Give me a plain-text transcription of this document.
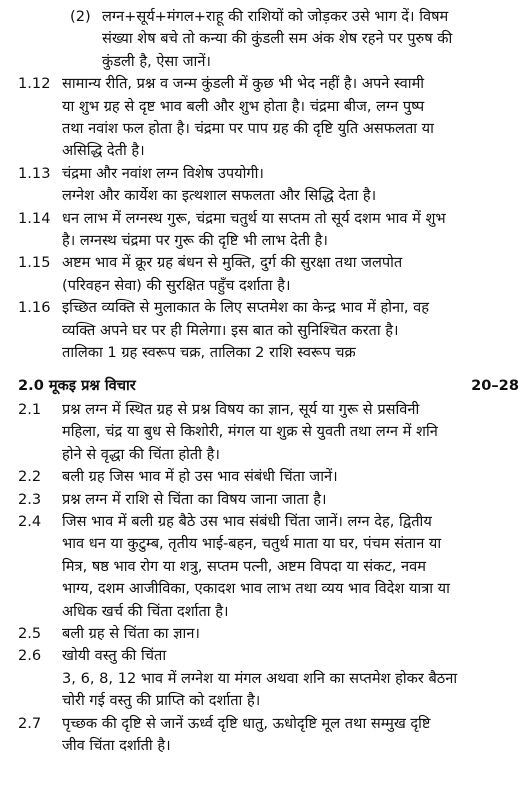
(2) लग्न+सूर्य+मंगल+राहू की राशियों को जोड़कर उसे भाग दें। विषम
संख्या शेष बचे तो कन्या की कुंडली सम अंक शेष रहने पर पुरुष की
कुंडली है, ऐसा जानें।
1.12 सामान्य रीति, प्रश्न व जन्म कुंडली में कुछ भी भेद नहीं है। अपने स्वामी
या शुभ ग्रह से दृष्ट भाव बली और शुभ होता है। चंद्रमा बीज, लग्न पुष्प
तथा नवांश फल होता है। चंद्रमा पर पाप ग्रह की दृष्टि युति असफलता या
असिद्धि देती है।
1.13 चंद्रमा और नवांश लग्न विशेष उपयोगी।
लग्नेश और कार्येश का इत्थशाल सफलता और सिद्धि देता है।
1.14 धन लाभ में लग्नस्थ गुरू, चंद्रमा चतुर्थ या सप्तम तो सूर्य दशम भाव में शुभ
है। लग्नस्थ चंद्रमा पर गुरू की दृष्टि भी लाभ देती है।
1.15 अष्टम भाव में क्रूर ग्रह बंधन से मुक्ति, दुर्ग की सुरक्षा तथा जलपोत
(परिवहन सेवा) की सुरक्षित पहुँच दर्शाता है।
1.16 इच्छित व्यक्ति से मुलाकात के लिए सप्तमेश का केन्द्र भाव में होना, वह
व्यक्ति अपने घर पर ही मिलेगा। इस बात को सुनिश्चित करता है।
तालिका 1 ग्रह स्वरूप चक्र, तालिका 2 राशि स्वरूप चक्र
2.0 मूकइ प्रश्न विचार	20–28
2.1	प्रश्न लग्न में स्थित ग्रह से प्रश्न विषय का ज्ञान, सूर्य या गुरू से प्रसविनी
महिला, चंद्र या बुध से किशोरी, मंगल या शुक्र से युवती तथा लग्न में शनि
होने से वृद्धा की चिंता होती है।
2.2	बली ग्रह जिस भाव में हो उस भाव संबंधी चिंता जानें।
2.3	प्रश्न लग्न में राशि से चिंता का विषय जाना जाता है।
2.4	जिस भाव में बली ग्रह बैठे उस भाव संबंधी चिंता जानें। लग्न देह, द्वितीय
भाव धन या कुटुम्ब, तृतीय भाई-बहन, चतुर्थ माता या घर, पंचम संतान या
मित्र, षष्ठ भाव रोग या शत्रु, सप्तम पत्नी, अष्टम विपदा या संकट, नवम
भाग्य, दशम आजीविका, एकादश भाव लाभ तथा व्यय भाव विदेश यात्रा या
अधिक खर्च की चिंता दर्शाता है।
2.5	बली ग्रह से चिंता का ज्ञान।
2.6	खोयी वस्तु की चिंता
3, 6, 8, 12 भाव में लग्नेश या मंगल अथवा शनि का सप्तमेश होकर बैठना
चोरी गई वस्तु की प्राप्ति को दर्शाता है।
2.7	पृच्छक की दृष्टि से जानें ऊर्ध्व दृष्टि धातु, ऊधोदृष्टि मूल तथा सम्मुख दृष्टि
जीव चिंता दर्शाती है।
